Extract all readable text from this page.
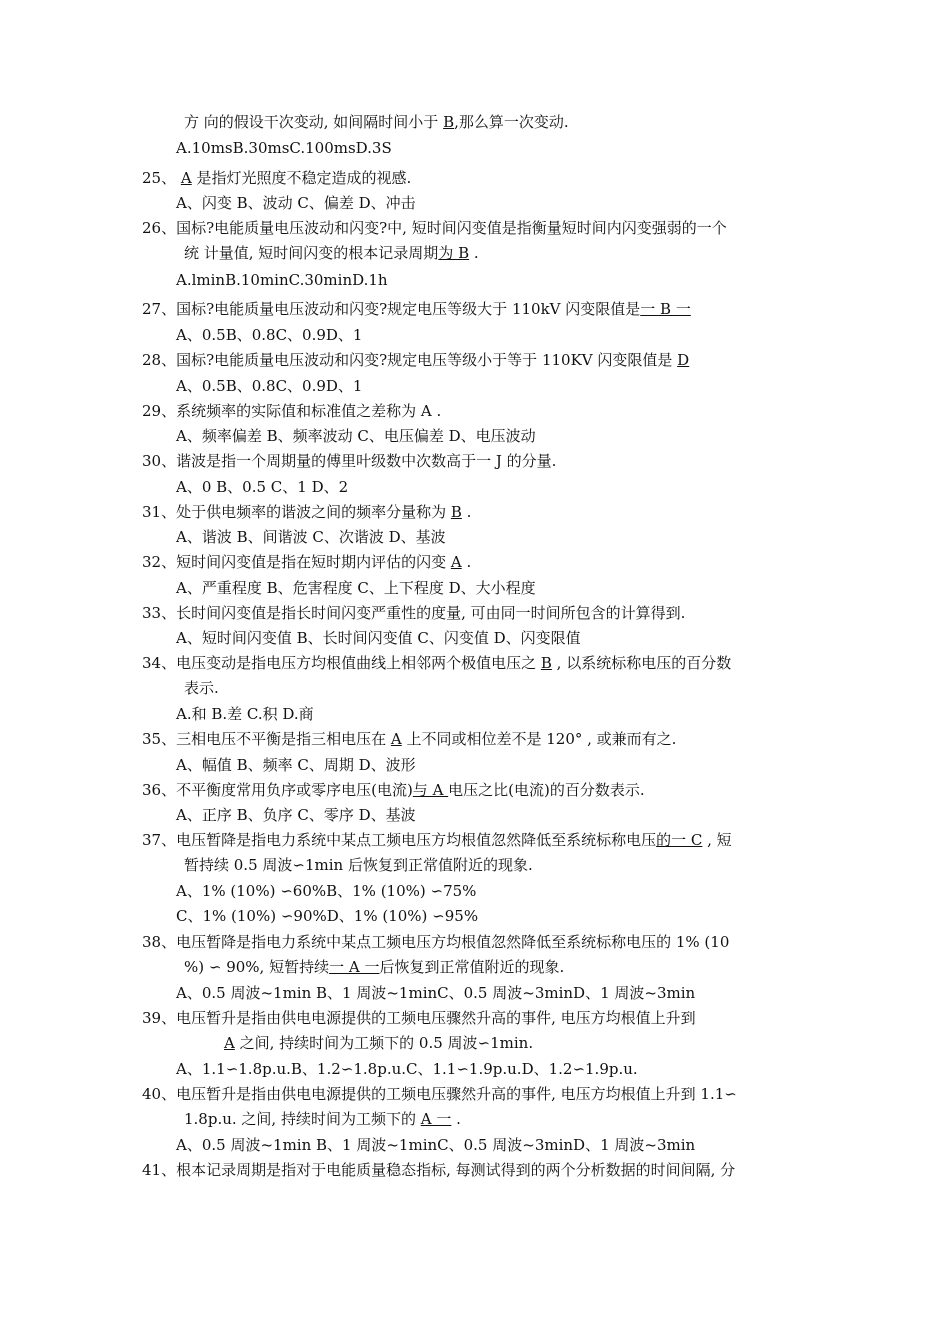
方 向的假设干次变动, 如间隔时间小于 B,那么算一次变动.
A.10msB.30msC.100msD.3S
25、 A 是指灯光照度不稳定造成的视感.
A、闪变 B、波动 C、偏差 D、冲击
26、国标?电能质量电压波动和闪变?中, 短时间闪变值是指衡量短时间内闪变强弱的一个
统 计量值, 短时间闪变的根本记录周期为 B .
A.lminB.10minC.30minD.1h
27、国标?电能质量电压波动和闪变?规定电压等级大于 110kV 闪变限值是一 B 一
A、0.5B、0.8C、0.9D、1
28、国标?电能质量电压波动和闪变?规定电压等级小于等于 110KV 闪变限值是 D
A、0.5B、0.8C、0.9D、1
29、系统频率的实际值和标准值之差称为 A .
A、频率偏差 B、频率波动 C、电压偏差 D、电压波动
30、谐波是指一个周期量的傅里叶级数中次数高于一 J 的分量.
A、0 B、0.5 C、1 D、2
31、处于供电频率的谐波之间的频率分量称为 B .
A、谐波 B、间谐波 C、次谐波 D、基波
32、短时间闪变值是指在短时期内评估的闪变 A .
A、严重程度 B、危害程度 C、上下程度 D、大小程度
33、长时间闪变值是指长时间闪变严重性的度量, 可由同一时间所包含的计算得到.
A、短时间闪变值 B、长时间闪变值 C、闪变值 D、闪变限值
34、电压变动是指电压方均根值曲线上相邻两个极值电压之 B , 以系统标称电压的百分数
表示.
A.和 B.差 C.积 D.商
35、三相电压不平衡是指三相电压在 A 上不同或相位差不是 120° , 或兼而有之.
A、幅值 B、频率 C、周期 D、波形
36、不平衡度常用负序或零序电压(电流)与 A 电压之比(电流)的百分数表示.
A、正序 B、负序 C、零序 D、基波
37、电压暂降是指电力系统中某点工频电压方均根值忽然降低至系统标称电压的一 C , 短
暂持续 0.5 周波∽1min 后恢复到正常值附近的现象.
A、1% (10%) ∽60%B、1% (10%) ∽75%
C、1% (10%) ∽90%D、1% (10%) ∽95%
38、电压暂降是指电力系统中某点工频电压方均根值忽然降低至系统标称电压的 1% (10
%) ∽ 90%, 短暂持续一 A 一后恢复到正常值附近的现象.
A、0.5 周波~1min B、1 周波~1minC、0.5 周波~3minD、1 周波~3min
39、电压暂升是指由供电电源提供的工频电压骤然升高的事件, 电压方均根值上升到
A 之间, 持续时间为工频下的 0.5 周波∽1min.
A、1.1∽1.8p.u.B、1.2∽1.8p.u.C、1.1∽1.9p.u.D、1.2∽1.9p.u.
40、电压暂升是指由供电电源提供的工频电压骤然升高的事件, 电压方均根值上升到 1.1∽
1.8p.u. 之间, 持续时间为工频下的 A 一 .
A、0.5 周波~1min B、1 周波~1minC、0.5 周波~3minD、1 周波~3min
41、根本记录周期是指对于电能质量稳态指标, 每测试得到的两个分析数据的时间间隔, 分
